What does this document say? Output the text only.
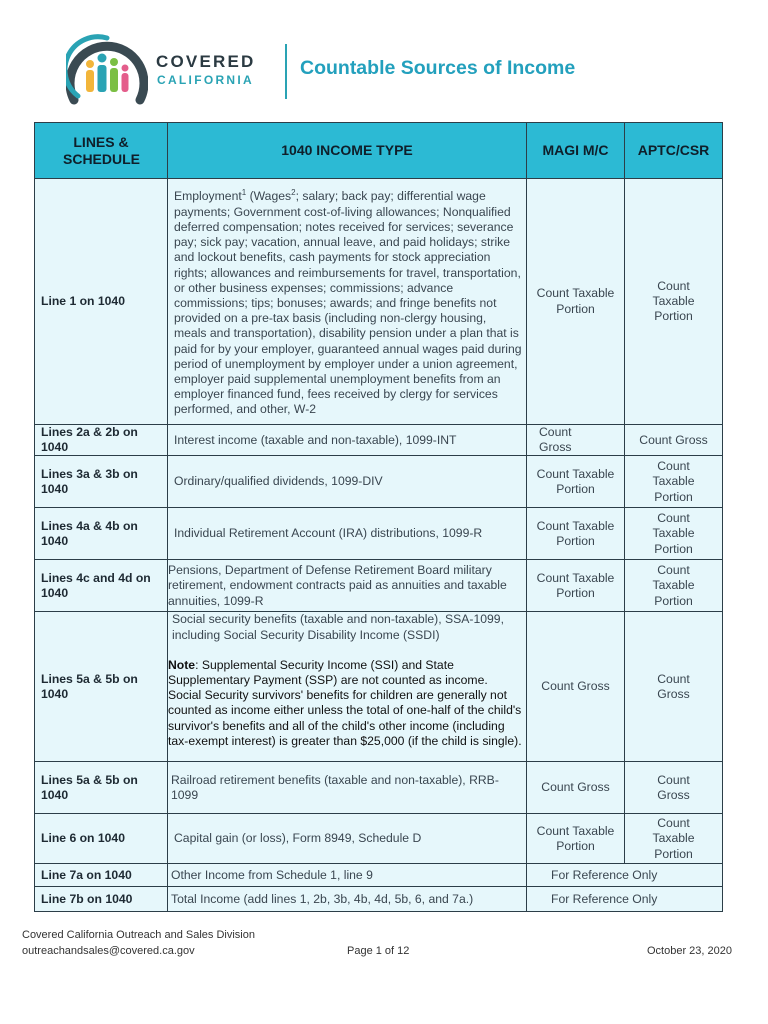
COVERED
CALIFORNIA
Countable Sources of Income
LINES & SCHEDULE	1040 INCOME TYPE	MAGI M/C	APTC/CSR
Line 1 on 1040	Employment$^1$ (Wages$^2$; salary; back pay; differential wage payments; Government cost-of-living allowances; Nonqualified deferred compensation; notes received for services; severance pay; sick pay; vacation, annual leave, and paid holidays; strike and lockout benefits, cash payments for stock appreciation rights; allowances and reimbursements for travel, transportation, or other business expenses; commissions; advance commissions; tips; bonuses; awards; and fringe benefits not provided on a pre-tax basis (including non-clergy housing, meals and transportation), disability pension under a plan that is paid for by your employer, guaranteed annual wages paid during period of unemployment by employer under a union agreement, employer paid supplemental unemployment benefits from an employer financed fund, fees received by clergy for services performed, and other, W-2	Count Taxable Portion	Count Taxable Portion
Lines 2a & 2b on 1040	Interest income (taxable and non-taxable), 1099-INT	Count Gross	Count Gross
Lines 3a & 3b on 1040	Ordinary/qualified dividends, 1099-DIV	Count Taxable Portion	Count Taxable Portion
Lines 4a & 4b on 1040	Individual Retirement Account (IRA) distributions, 1099-R	Count Taxable Portion	Count Taxable Portion
Lines 4c and 4d on 1040	Pensions, Department of Defense Retirement Board military retirement, endowment contracts paid as annuities and taxable annuities, 1099-R	Count Taxable Portion	Count Taxable Portion
Lines 5a & 5b on 1040	Social security benefits (taxable and non-taxable), SSA-1099, including Social Security Disability Income (SSDI)
Note: Supplemental Security Income (SSI) and State Supplementary Payment (SSP) are not counted as income.
Social Security survivors' benefits for children are generally not counted as income either unless the total of one-half of the child's survivor's benefits and all of the child's other income (including tax-exempt interest) is greater than $25,000 (if the child is single).	Count Gross	Count Gross
Lines 5a & 5b on 1040	Railroad retirement benefits (taxable and non-taxable), RRB-1099	Count Gross	Count Gross
Line 6 on 1040	Capital gain (or loss), Form 8949, Schedule D	Count Taxable Portion	Count Taxable Portion
Line 7a on 1040	Other Income from Schedule 1, line 9	For Reference Only	
Line 7b on 1040	Total Income (add lines 1, 2b, 3b, 4b, 4d, 5b, 6, and 7a.)	For Reference Only	
Covered California Outreach and Sales Division
outreachandsales@covered.ca.gov	Page 1 of 12	October 23, 2020
